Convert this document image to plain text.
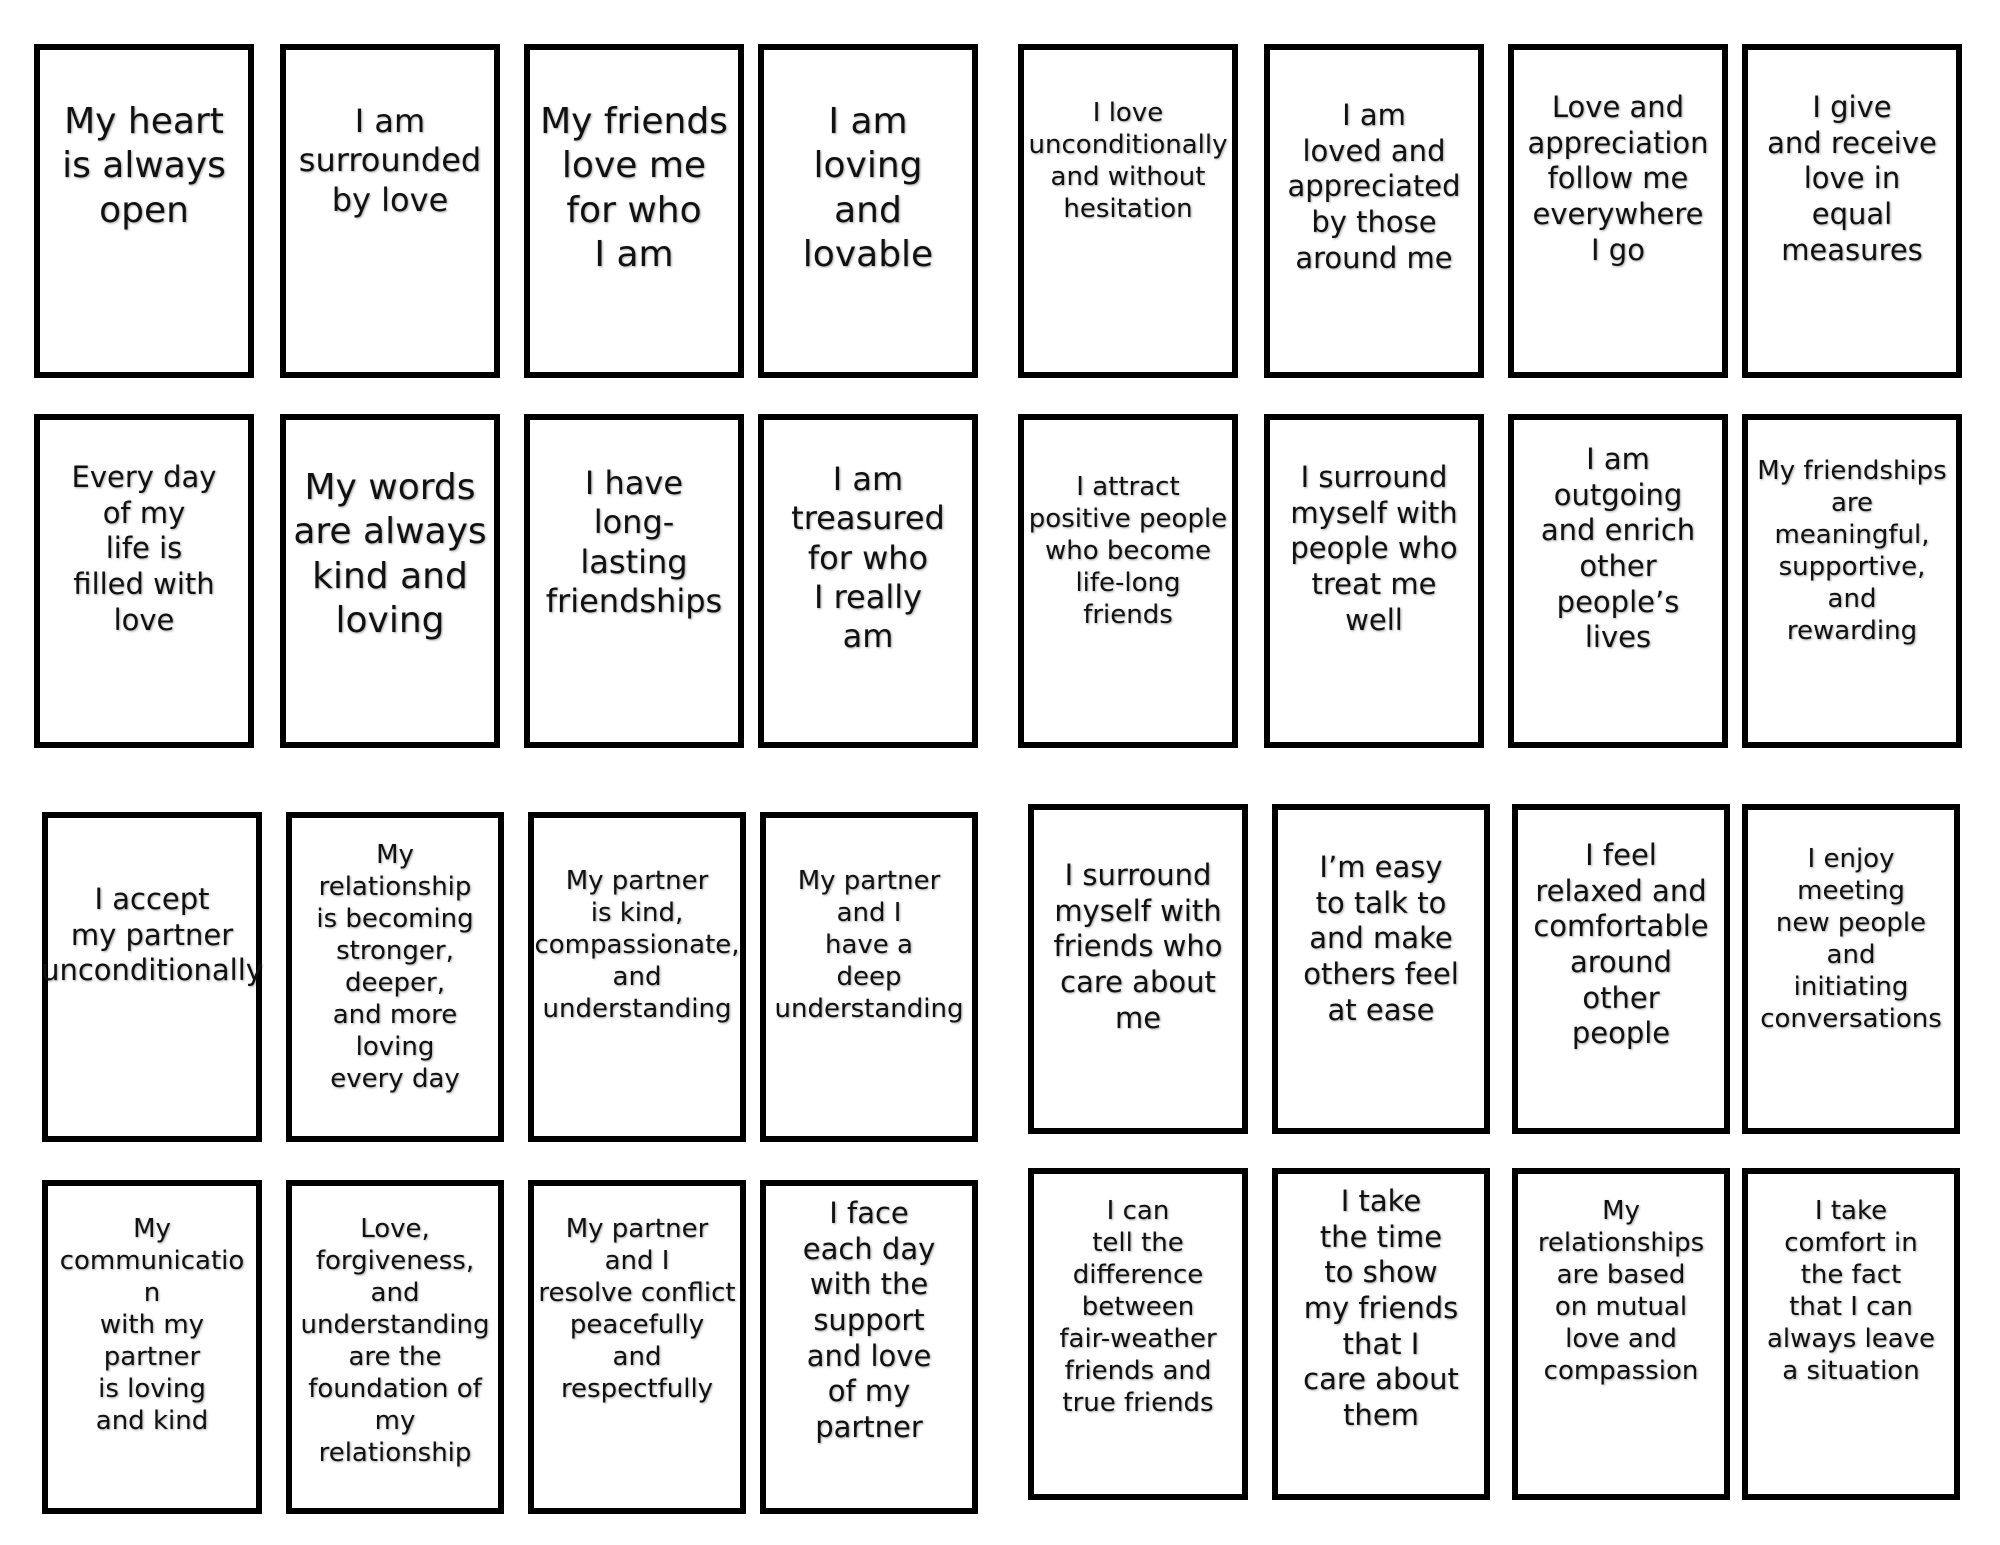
My heart
is always
open
I am
surrounded
by love
My friends
love me
for who
I am
I am
loving
and
lovable
I love
unconditionally
and without
hesitation
I am
loved and
appreciated
by those
around me
Love and
appreciation
follow me
everywhere
I go
I give
and receive
love in
equal
measures
Every day
of my
life is
filled with
love
My words
are always
kind and
loving
I have
long-
lasting
friendships
I am
treasured
for who
I really
am
I attract
positive people
who become
life-long
friends
I surround
myself with
people who
treat me
well
I am
outgoing
and enrich
other
people’s
lives
My friendships
are
meaningful,
supportive,
and
rewarding
I accept
my partner
unconditionally
My relationship
is becoming
stronger,
deeper,
and more
loving
every day
My partner
is kind,
compassionate,
and
understanding
My partner
and I
have a
deep
understanding
I surround
myself with
friends who
care about
me
I’m easy
to talk to
and make
others feel
at ease
I feel
relaxed and
comfortable
around
other
people
I enjoy
meeting
new people
and
initiating
conversations
My
communicatio
n
with my
partner
is loving
and kind
Love,
forgiveness,
and
understanding
are the
foundation of
my relationship
My partner
and I
resolve conflict
peacefully
and
respectfully
I face
each day
with the
support
and love
of my
partner
I can
tell the
difference
between
fair-weather
friends and
true friends
I take
the time
to show
my friends
that I
care about
them
My
relationships
are based
on mutual
love and
compassion
I take
comfort in
the fact
that I can
always leave
a situation
